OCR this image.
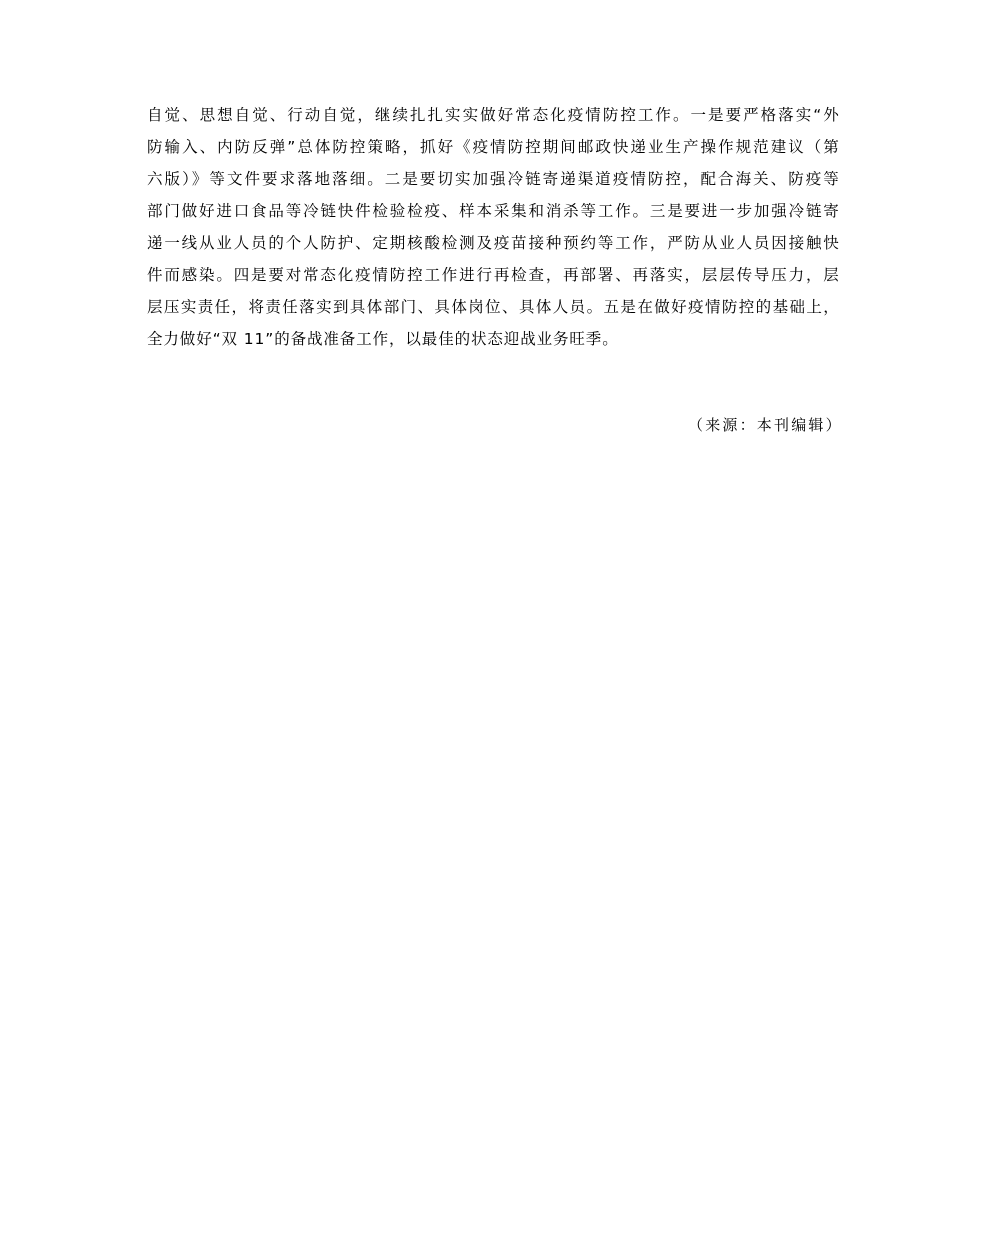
自觉、思想自觉、行动自觉，继续扎扎实实做好常态化疫情防控工作。一是要严格落实“外
防输入、内防反弹”总体防控策略，抓好《疫情防控期间邮政快递业生产操作规范建议（第
六版）》等文件要求落地落细。二是要切实加强冷链寄递渠道疫情防控，配合海关、防疫等
部门做好进口食品等冷链快件检验检疫、样本采集和消杀等工作。三是要进一步加强冷链寄
递一线从业人员的个人防护、定期核酸检测及疫苗接种预约等工作，严防从业人员因接触快
件而感染。四是要对常态化疫情防控工作进行再检查，再部署、再落实，层层传导压力，层
层压实责任，将责任落实到具体部门、具体岗位、具体人员。五是在做好疫情防控的基础上，
全力做好“双 11”的备战准备工作，以最佳的状态迎战业务旺季。
（来源：本刊编辑）
